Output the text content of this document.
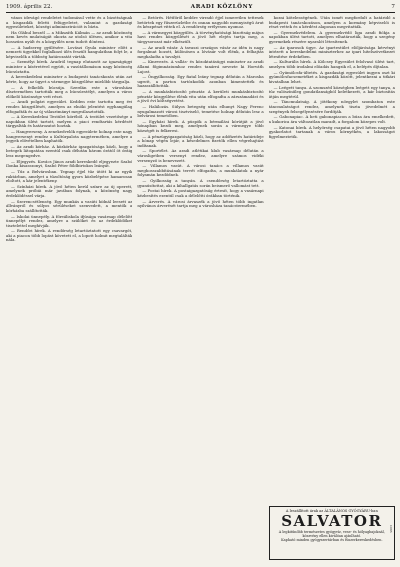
1909. április 22.	ARADI KÖZLÖNY	7

vános idevágó rendeletet tudomásul vette és a bizottságnak a kisgazdák feletti felügyeletet, valamint a gazdasági egyesületeket, községi adminisztrációt is bízta.

Ha Oláhul beszél — a Mikszáth Kálmán — az aradi közönség nem kevés mulatságát okozta az utolsó ülésen, amikor a vita hosszúra nyúlt és a közgyűlés nem tudott dönteni.

— A hadsereg gyűlésére. Lovászi Gyula minister előtt a nemzeti ügyekkel foglalkozó ülés feszült hangulatban folyt le, a képviselők a többség határozatát várták.

— Személyi hírek. Aradról tegnap elutazott az igazságügyi minister a kíséretével együtt, a vasútállomáson nagy közönség búcsúztatta.

A kereskedelmi miniszter a budapesti tanácskozás után azt kérte, hogy az ügyet a vármegye közgyűlése mielőbb tárgyalja.

— A felkelők búcsúja. Szerdán este a városháza dísztermében tartották meg a búcsúestélyt, amelyen a város előkelő közönsége vett részt.

— Aradi polgári egyesület. Kedden este tartotta meg évi rendes közgyűlését, amelyen az elnöki jelentést egyhangúlag elfogadták és az új választmányt megválasztották.

— A Kereskedelmi Testület köréből. A testület vezetősége a napokban ülést tartott, melyen a piaci rendtartás kérdését tárgyalták és határozatot hoztak.

— Hangverseny. A zenekedvelők egyesülete holnap este nagy hangversenyt rendez a Kultúrpalota nagytermében, amelyre a jegyek elővételben kaphatók.

— Az aradi kórház. A közkórház igazgatósága közli, hogy a betegek látogatása ezentúl csak délután három órától öt óráig lesz megengedve.

— Eljegyzés. Kovács János aradi kereskedő eljegyezte Szabó Ilonka kisasszonyt, Szabó Péter földbirtokos leányát.

— Tűz a Belvárosban. Tegnap éjjel tűz ütött ki az egyik raktárban, amelyet a tűzoltóság gyors közbelépése hamarosan eloltott, a kár jelentékeny.

— Színházi hírek. A jövő héten kerül színre az új operett, amelynek próbái már javában folynak, a közönség nagy érdeklődéssel várja.

— Szerencsétlenség. Egy munkás a vasúti hídnál leesett az állványról és súlyos sérüléseket szenvedett, a mentők a kórházba szállították.

— Iskolai ünnepély. A főreáliskola ifjúsága vasárnap délelőtt ünnepélyt rendez, amelyre a szülőket és az érdeklődőket tisztelettel meghívják.

— Rendőri hírek. A rendőrség letartóztatott egy csavargót, aki a piacon több lopást követett el, a lopott holmit megtalálták nála.

— Betörés. Hétfőről keddre virradó éjjel ismeretlen tettesek betörtek egy fűszerüzletbe és onnan nagyobb mennyiségű árut és készpénzt vittek el. A rendőrség erélyesen nyomoz.

— A vármegyei közgyűlés. A törvényhatósági bizottság május havi rendes közgyűlését a jövő hét elején tartja meg, a tárgysorozat már elkészült.

— Az aradi vásár. A tavaszi országos vásár az idén is nagy forgalmat hozott, különösen a lóvásár volt élénk, a felhajtás meghaladta a tavalyit.

— Kinevezés. A vallás- és közoktatásügyi miniszter az aradi állami főgimnáziumhoz rendes tanárrá nevezte ki Horváth Lajost.

— Öngyilkosság. Egy fiatal leány tegnap délután a Marosba ugrott, a parton tartózkodók azonban kimentették és hazaszállították.

— A munkásbiztosító pénztár. A kerületi munkásbiztosító pénztár közgyűlése élénk vita után elfogadta a zárszámadást és a jövő évi költségvetést.

— Halálozás. Súlyos betegség után elhunyt Nagy Ferenc nyugalmazott városi tisztviselő, temetése holnap délután lesz a belvárosi temetőben.

— Egyházi hírek. A püspök a bérmálási körútját a jövő hónapban kezdi meg, amelynek során a vármegye több községét is felkeresi.

— A pénzügyigazgatóság közli, hogy az adófizetés határideje a hónap végén lejár, a késedelmes fizetők ellen végrehajtást indítanak.

— Sportélet. Az aradi atlétikai klub vasárnap délután a városligetben versenyt rendez, amelyre számos vidéki versenyző is benevezett.

— Villamos vasút. A városi tanács a villamos vasút meghosszabbításának tervét elfogadta, a munkálatok a nyár folyamán kezdődnek.

— Gyilkosság a tanyán. A csendőrség letartóztatta a gyanúsítottat, aki a kihallgatás során beismerő vallomást tett.

— Postai hírek. A postaigazgatóság értesít, hogy a vasárnapi kézbesítés ezentúl csak a délelőtti órákban történik.

— Árverés. A városi árvaszék a jövő héten több ingatlan nyilvános árverését tartja meg a városháza tanácstermében.

kozni kötelességének. Után ismét megfordult a határidő a budapesti tanácskozáson, amelyen a kormány képviselői is részt vettek és a kérdést alaposan megvitatták.

— Gyermekvédelem. A gyermekvédő liga aradi fiókja a napokban ülést tartott, amelyen elhatározták, hogy a szegény gyermekek részére nyaralót létesítenek.

— Az iparosok ügye. Az ipartestület elöljárósága kérvényt intézett a kereskedelmi miniszterhez az ipari hitelszövetkezet létesítése érdekében.

— Kulturális hírek. A Kölcsey Egyesület felolvasó ülést tart, amelyen több irodalmi előadás hangzik el, a belépés díjtalan.

— Gyümölcsfa-ültetés. A gazdasági egyesület ingyen oszt ki gyümölcsfacsemetéket a kisgazdák között, jelentkezni a titkári hivatalban lehet.

— Leégett tanya. A szomszéd községben leégett egy tanya, a tűz valószínűleg gondatlanságból keletkezett, a kár biztosítás útján megtérül.

— Táncmulatság. A jótékony nőegylet szombaton este táncmulatságot rendez, amelynek tiszta jövedelmét a szegények felsegélyezésére fordítják.

— Gabonapiac. A heti gabonapiacon a búza ára emelkedett, a kukorica ára változatlan maradt, a forgalom közepes volt.

— Katonai hírek. A helyőrség csapatai a jövő héten nagyobb gyakorlatot tartanak a város környékén, a lakosságot figyelmeztetik.

A leszállított árak az ÁLTALÁNOS GYÓGYÁRU-ban
SALVATOR
A legkitűnőbb természetes gyógyvíz, vese- és hólyagbajoknál, köszvény ellen kiválóan ajánlható.
Kapható minden gyógyszertárban és füszerkereskedésben.
1085
